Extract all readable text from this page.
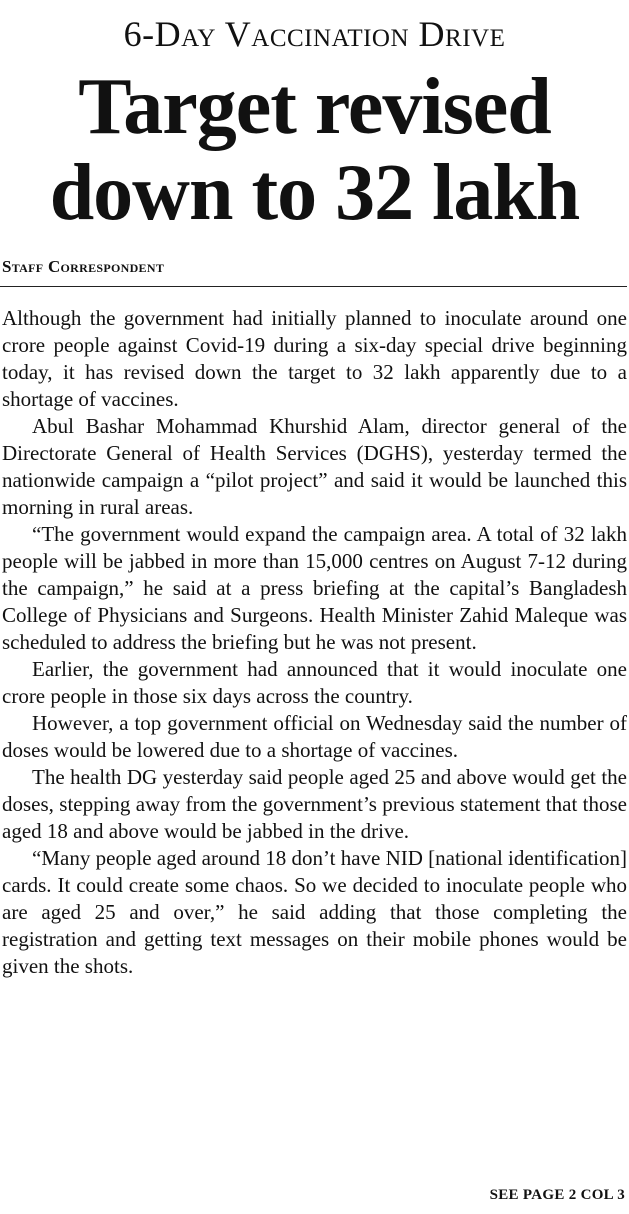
6-Day Vaccination Drive
Target revised
down to 32 lakh
Staff Correspondent

Although the government had initially planned to inoculate around one crore people against Covid-19 during a six-day special drive beginning today, it has revised down the target to 32 lakh apparently due to a shortage of vaccines.

Abul Bashar Mohammad Khurshid Alam, director general of the Directorate General of Health Services (DGHS), yesterday termed the nationwide campaign a “pilot project” and said it would be launched this morning in rural areas.

“The government would expand the campaign area. A total of 32 lakh people will be jabbed in more than 15,000 centres on August 7-12 during the campaign,” he said at a press briefing at the capital’s Bangladesh College of Physicians and Surgeons. Health Minister Zahid Maleque was scheduled to address the briefing but he was not present.

Earlier, the government had announced that it would inoculate one crore people in those six days across the country.

However, a top government official on Wednesday said the number of doses would be lowered due to a shortage of vaccines.

The health DG yesterday said people aged 25 and above would get the doses, stepping away from the government’s previous statement that those aged 18 and above would be jabbed in the drive.

“Many people aged around 18 don’t have NID [national identification] cards. It could create some chaos. So we decided to inoculate people who are aged 25 and over,” he said adding that those completing the registration and getting text messages on their mobile phones would be given the shots.

SEE PAGE 2 COL 3
